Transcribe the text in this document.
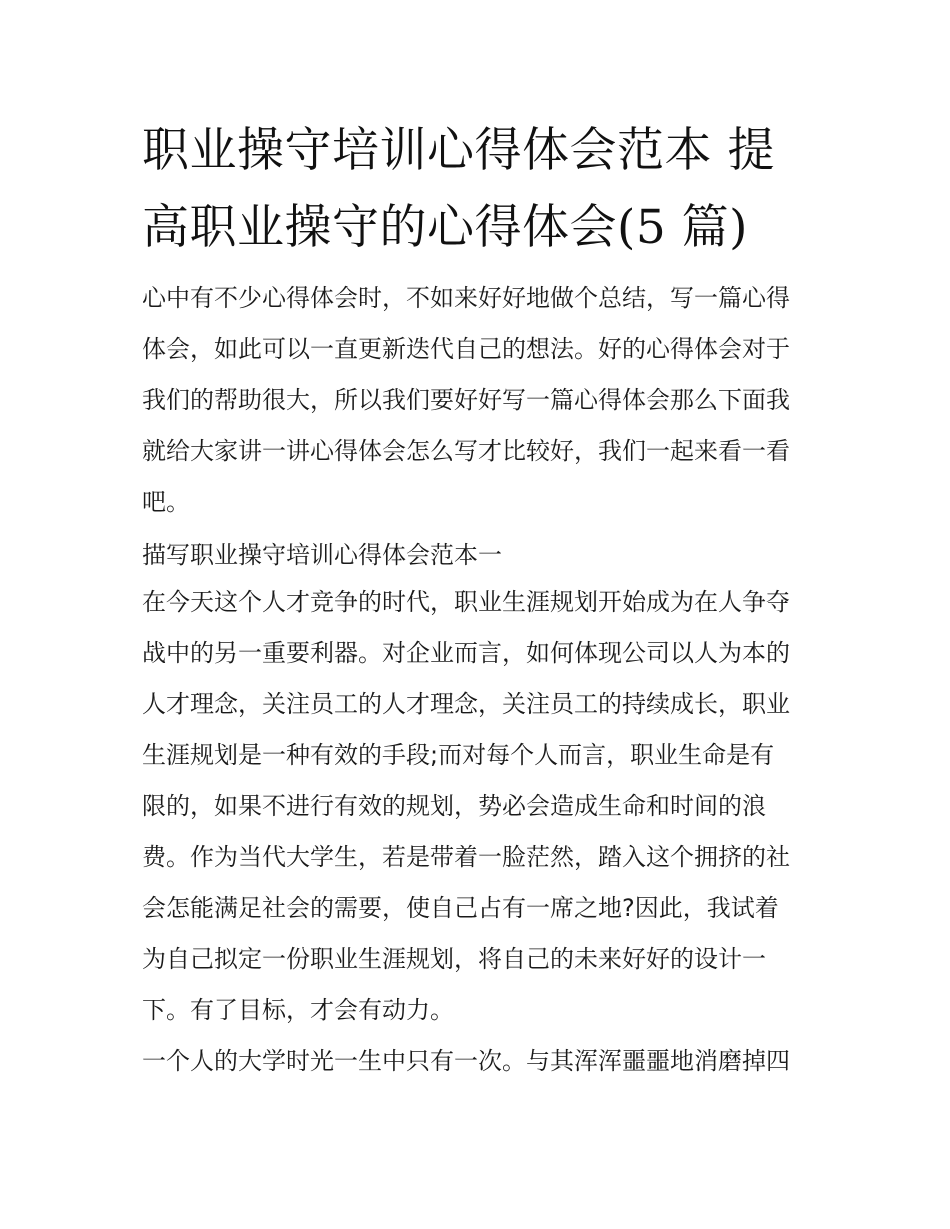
职业操守培训心得体会范本 提
高职业操守的心得体会(5 篇)
心中有不少心得体会时，不如来好好地做个总结，写一篇心得
体会，如此可以一直更新迭代自己的想法。好的心得体会对于
我们的帮助很大，所以我们要好好写一篇心得体会那么下面我
就给大家讲一讲心得体会怎么写才比较好，我们一起来看一看
吧。
描写职业操守培训心得体会范本一
在今天这个人才竞争的时代，职业生涯规划开始成为在人争夺
战中的另一重要利器。对企业而言，如何体现公司以人为本的
人才理念，关注员工的人才理念，关注员工的持续成长，职业
生涯规划是一种有效的手段;而对每个人而言，职业生命是有
限的，如果不进行有效的规划，势必会造成生命和时间的浪
费。作为当代大学生，若是带着一脸茫然，踏入这个拥挤的社
会怎能满足社会的需要，使自己占有一席之地?因此，我试着
为自己拟定一份职业生涯规划，将自己的未来好好的设计一
下。有了目标，才会有动力。
一个人的大学时光一生中只有一次。与其浑浑噩噩地消磨掉四
